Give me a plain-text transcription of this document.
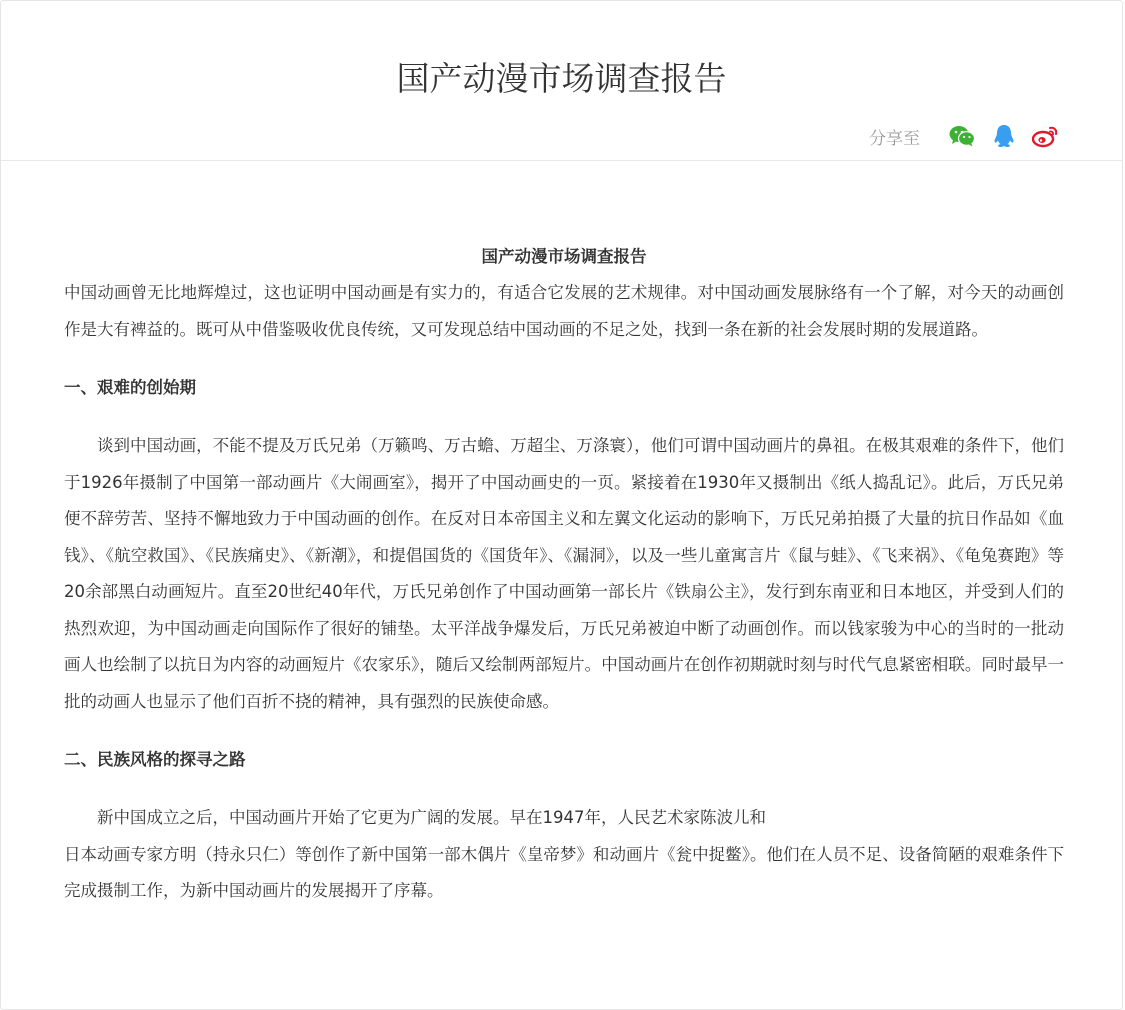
国产动漫市场调查报告
分享至

国产动漫市场调查报告

中国动画曾无比地辉煌过，这也证明中国动画是有实力的，有适合它发展的艺术规律。对中国动画发展脉络有一个了解，对今天的动画创作是大有裨益的。既可从中借鉴吸收优良传统，又可发现总结中国动画的不足之处，找到一条在新的社会发展时期的发展道路。

一、艰难的创始期

谈到中国动画，不能不提及万氏兄弟（万籁鸣、万古蟾、万超尘、万涤寰），他们可谓中国动画片的鼻祖。在极其艰难的条件下，他们于1926年摄制了中国第一部动画片《大闹画室》，揭开了中国动画史的一页。紧接着在1930年又摄制出《纸人捣乱记》。此后，万氏兄弟便不辞劳苦、坚持不懈地致力于中国动画的创作。在反对日本帝国主义和左翼文化运动的影响下，万氏兄弟拍摄了大量的抗日作品如《血钱》、《航空救国》、《民族痛史》、《新潮》，和提倡国货的《国货年》、《漏洞》，以及一些儿童寓言片《鼠与蛙》、《飞来祸》、《龟兔赛跑》等20余部黑白动画短片。直至20世纪40年代，万氏兄弟创作了中国动画第一部长片《铁扇公主》，发行到东南亚和日本地区，并受到人们的热烈欢迎，为中国动画走向国际作了很好的铺垫。太平洋战争爆发后，万氏兄弟被迫中断了动画创作。而以钱家骏为中心的当时的一批动画人也绘制了以抗日为内容的动画短片《农家乐》，随后又绘制两部短片。中国动画片在创作初期就时刻与时代气息紧密相联。同时最早一批的动画人也显示了他们百折不挠的精神，具有强烈的民族使命感。

二、民族风格的探寻之路

新中国成立之后，中国动画片开始了它更为广阔的发展。早在1947年，人民艺术家陈波儿和

日本动画专家方明（持永只仁）等创作了新中国第一部木偶片《皇帝梦》和动画片《瓮中捉鳖》。他们在人员不足、设备简陋的艰难条件下完成摄制工作，为新中国动画片的发展揭开了序幕。
